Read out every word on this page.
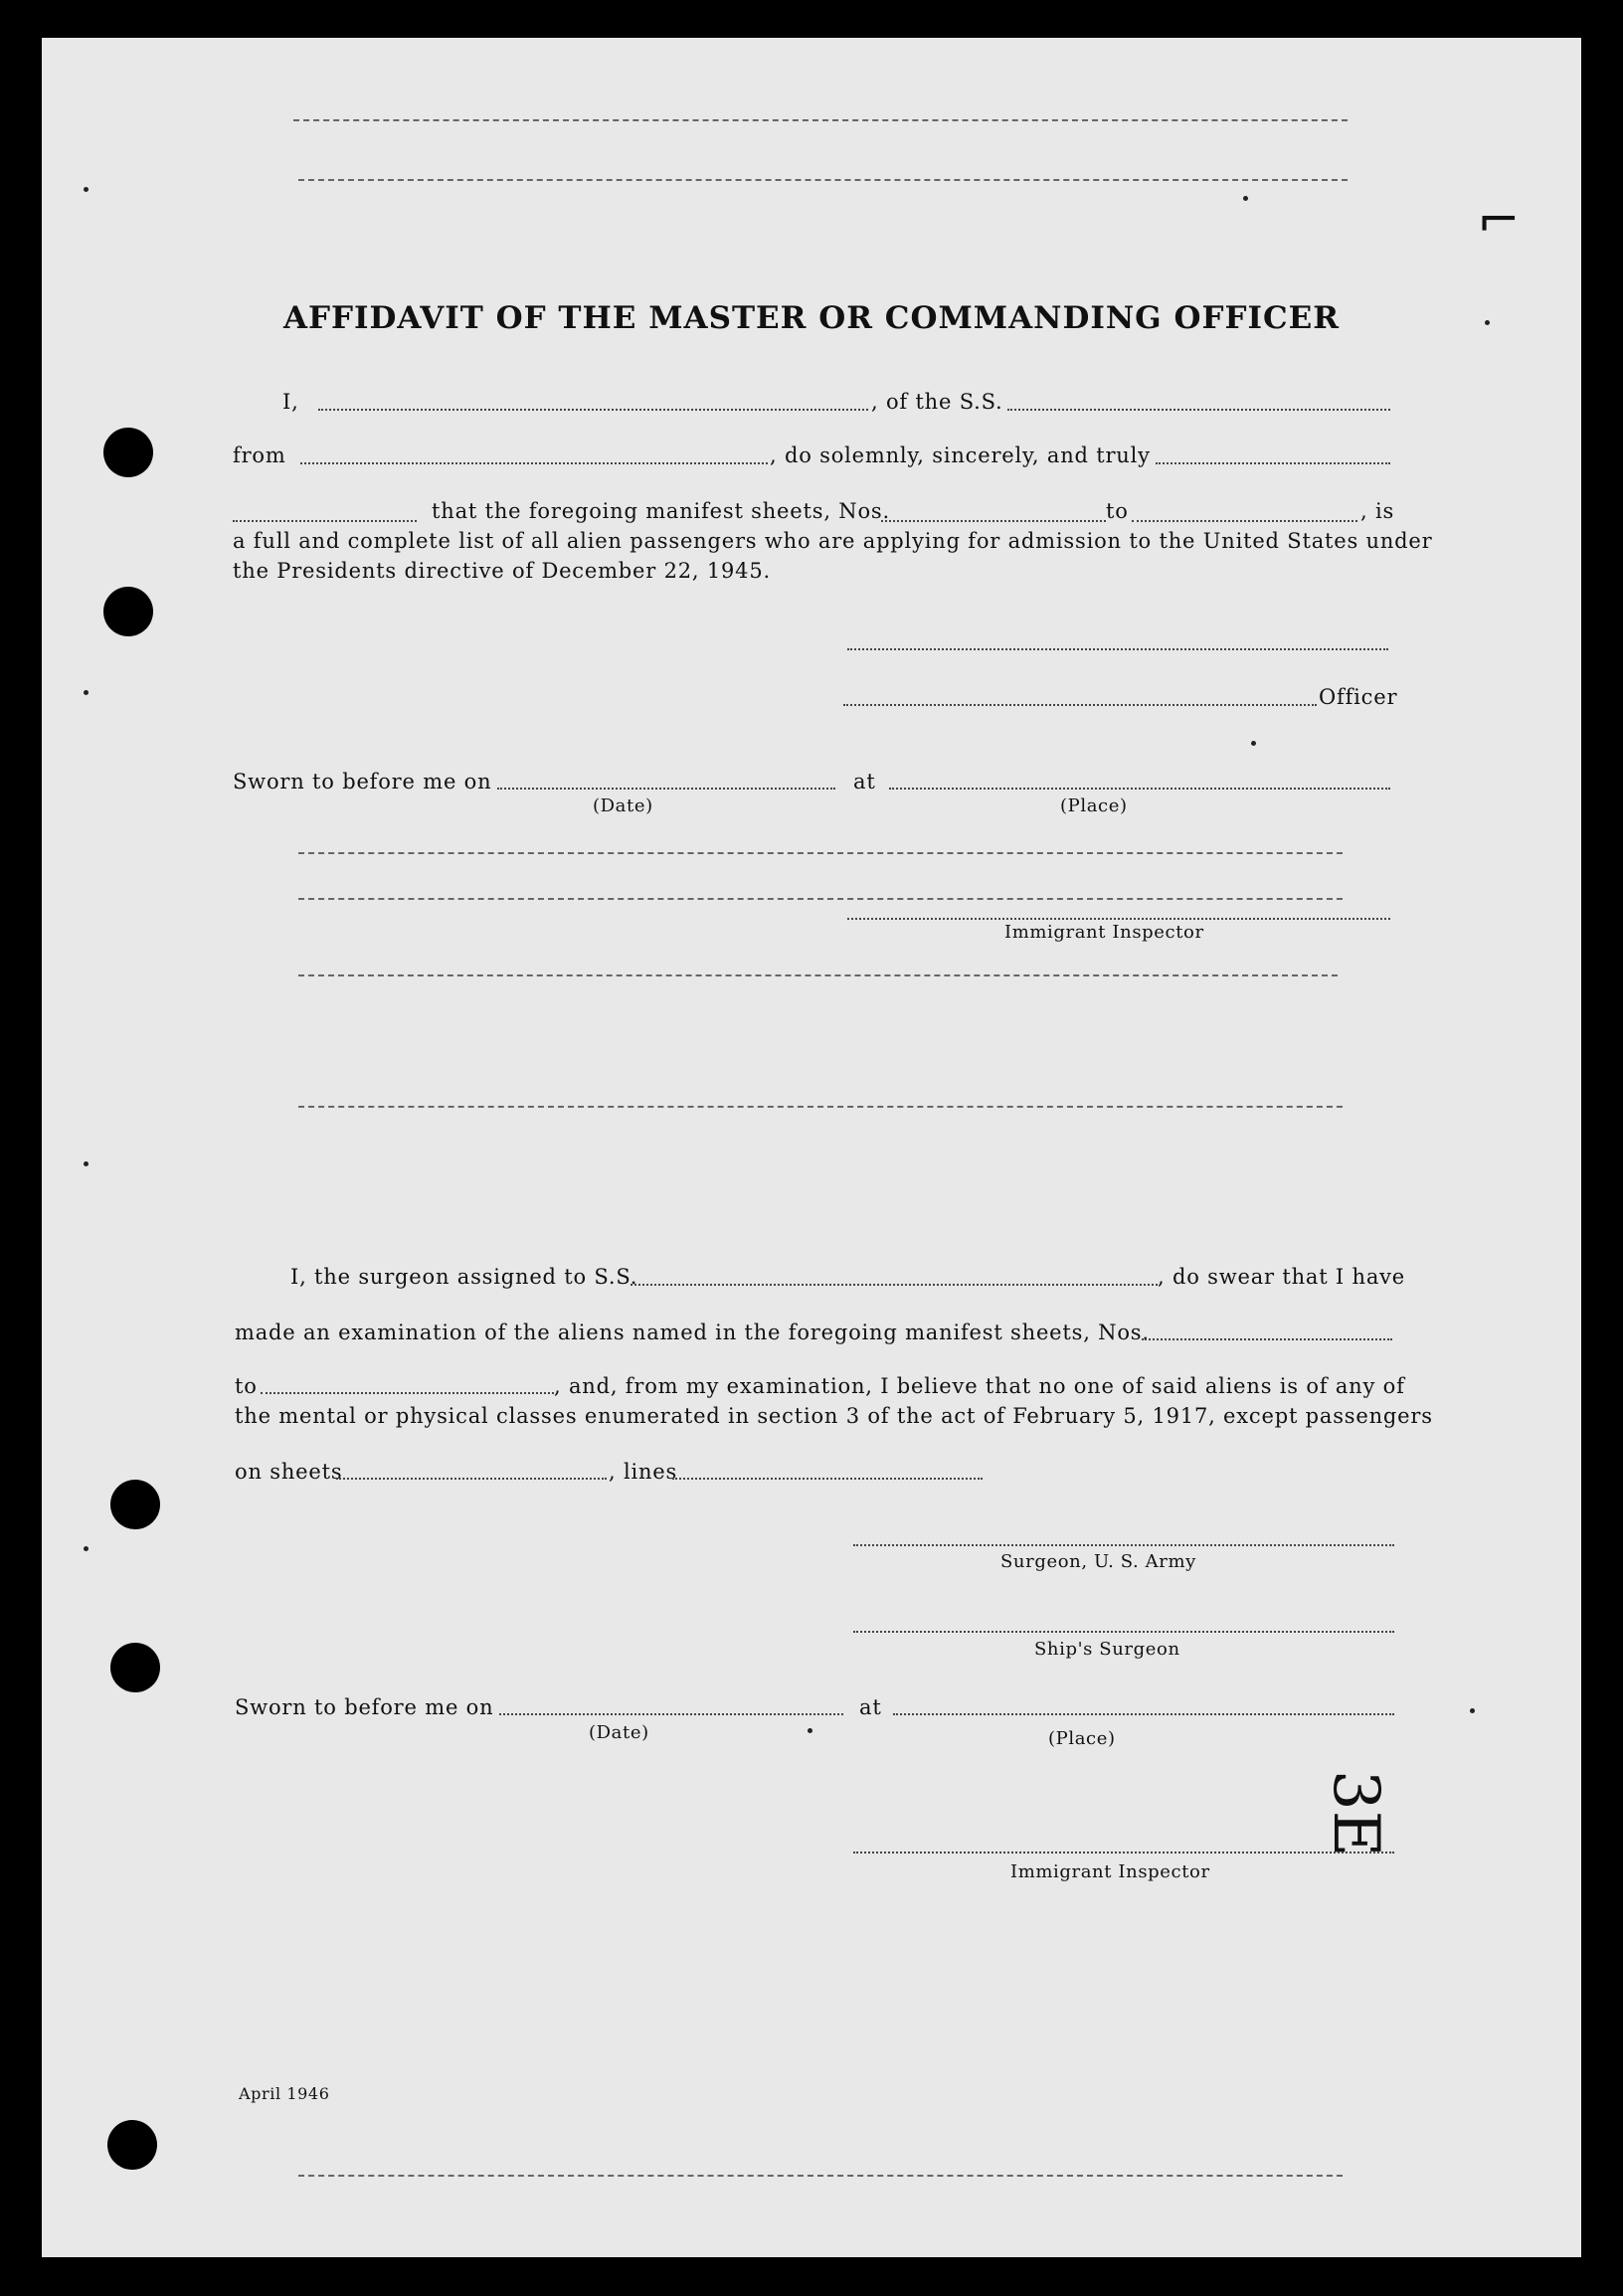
⌐
3E
AFFIDAVIT OF THE MASTER OR COMMANDING OFFICER
I,	, of the S.S.
from	, do solemnly, sincerely, and truly
that the foregoing manifest sheets, Nos.	to	, is
a full and complete list of all alien passengers who are applying for admission to the United States under
the Presidents directive of December 22, 1945.
Officer
Sworn to before me on	at
(Date)	(Place)
Immigrant Inspector
I, the surgeon assigned to S.S.	, do swear that I have
made an examination of the aliens named in the foregoing manifest sheets, Nos.
to	, and, from my examination, I believe that no one of said aliens is of any of
the mental or physical classes enumerated in section 3 of the act of February 5, 1917, except passengers
on sheets	, lines
Surgeon, U. S. Army
Ship's Surgeon
Sworn to before me on	at
(Date)	(Place)
Immigrant Inspector
April 1946
